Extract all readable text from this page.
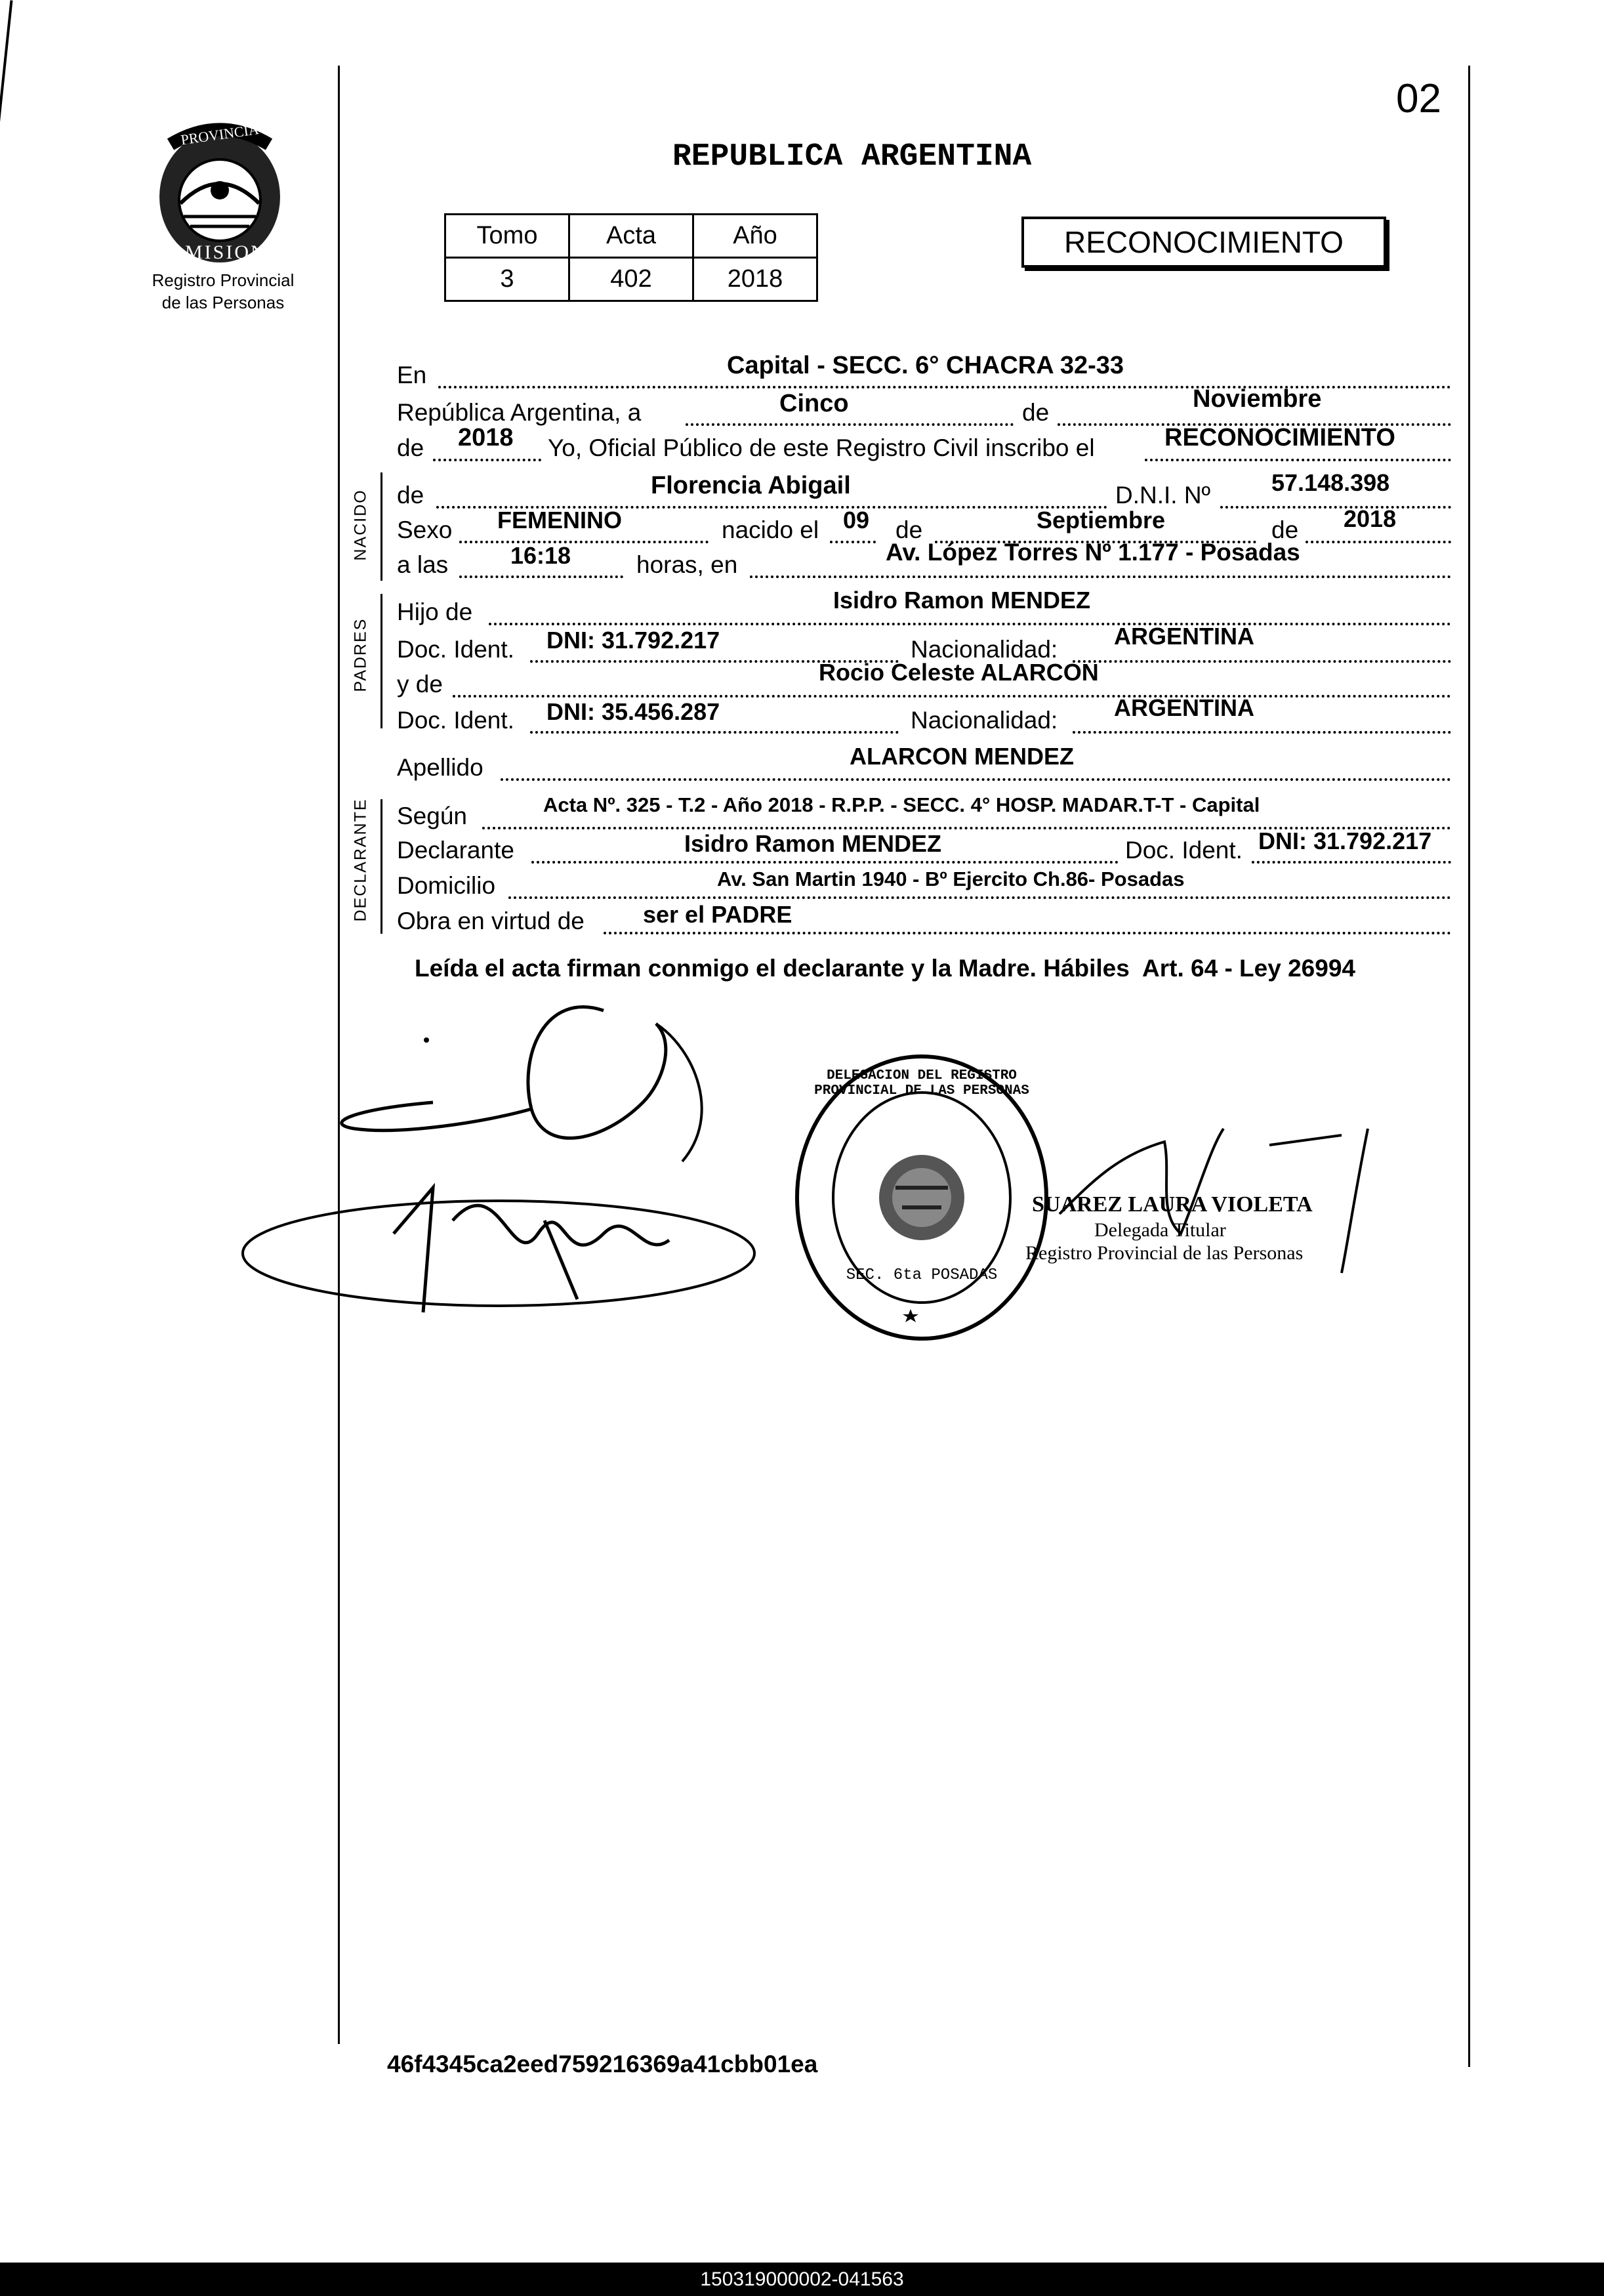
02
PROVINCIA DE
MISIONES
Registro Provincial
de las Personas
REPUBLICA ARGENTINA
Tomo	Acta	Año
3	402	2018
RECONOCIMIENTO
En	Capital - SECC. 6° CHACRA 32-33
República Argentina, a	Cinco	de	Noviembre
de 2018 Yo, Oficial Público de este Registro Civil inscribo el	RECONOCIMIENTO
NACIDO de	Florencia Abigail	D.N.I. Nº	57.148.398
Sexo FEMENINO	nacido el 09 de	Septiembre	de 2018
a las	16:18	horas, en	Av. López Torres Nº 1.177 - Posadas
PADRES
Hijo de	Isidro Ramon MENDEZ
Doc. Ident. DNI: 31.792.217	Nacionalidad: ARGENTINA
y de	Rocio Celeste ALARCON
Doc. Ident. DNI: 35.456.287	Nacionalidad: ARGENTINA
Apellido	ALARCON MENDEZ
DECLARANTE Según	Acta Nº. 325 - T.2 - Año 2018 - R.P.P. - SECC. 4° HOSP. MADAR.T-T - Capital
Declarante	Isidro Ramon MENDEZ	Doc. Ident. DNI: 31.792.217
Domicilio	Av. San Martin 1940 - Bº Ejercito Ch.86- Posadas
Obra en virtud de ser el PADRE
Leída el acta firman conmigo el declarante y la Madre. Hábiles  Art. 64 - Ley 26994
DELEGACION DEL REGISTRO PROVINCIAL DE LAS PERSONAS
SEC. 6ta POSADAS
SUAREZ LAURA VIOLETA
Delegada Titular
Registro Provincial de las Personas
46f4345ca2eed759216369a41cbb01ea
150319000002-041563
